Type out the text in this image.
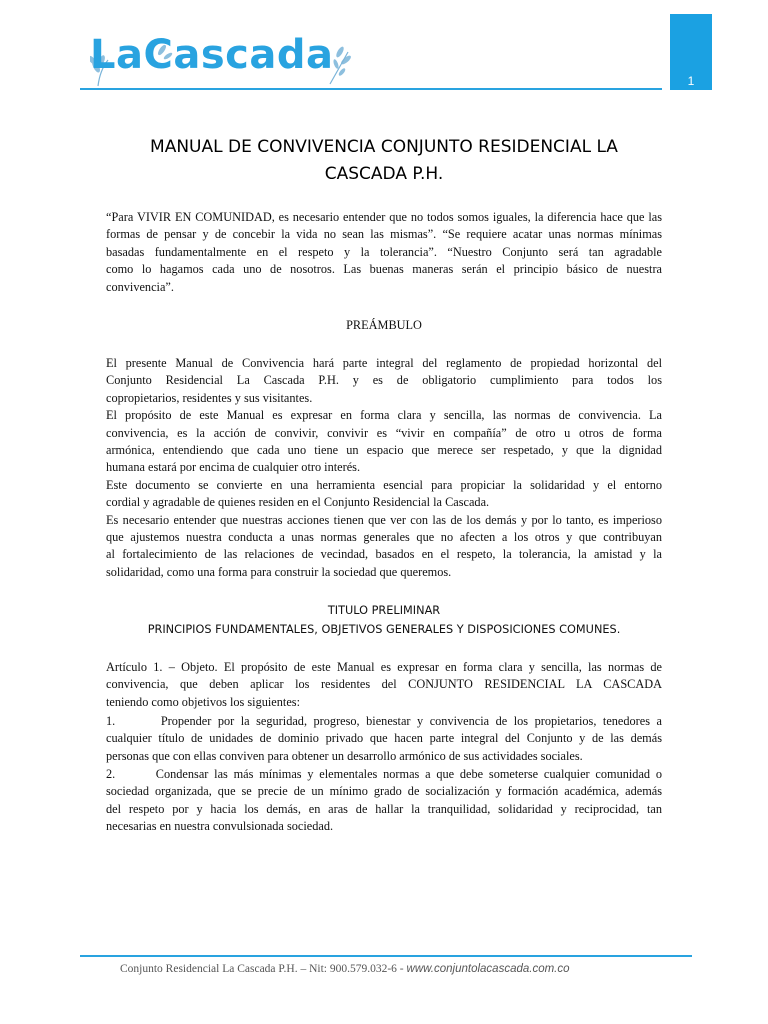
LaCascada
1
MANUAL DE CONVIVENCIA CONJUNTO RESIDENCIAL LA
CASCADA P.H.
“Para VIVIR EN COMUNIDAD, es necesario entender que no todos somos iguales, la diferencia hace que las
formas de pensar y de concebir la vida no sean las mismas”. “Se requiere acatar unas normas mínimas
basadas fundamentalmente en el respeto y la tolerancia”. “Nuestro Conjunto será tan agradable
como lo hagamos cada uno de nosotros. Las buenas maneras serán el principio básico de nuestra
convivencia”.
PREÁMBULO
El presente Manual de Convivencia hará parte integral del reglamento de propiedad horizontal del
Conjunto Residencial La Cascada P.H. y es de obligatorio cumplimiento para todos los
copropietarios, residentes y sus visitantes.
El propósito de este Manual es expresar en forma clara y sencilla, las normas de convivencia. La
convivencia, es la acción de convivir, convivir es “vivir en compañía” de otro u otros de forma
armónica, entendiendo que cada uno tiene un espacio que merece ser respetado, y que la dignidad
humana estará por encima de cualquier otro interés.
Este documento se convierte en una herramienta esencial para propiciar la solidaridad y el entorno
cordial y agradable de quienes residen en el Conjunto Residencial la Cascada.
Es necesario entender que nuestras acciones tienen que ver con las de los demás y por lo tanto, es imperioso
que ajustemos nuestra conducta a unas normas generales que no afecten a los otros y que contribuyan
al fortalecimiento de las relaciones de vecindad, basados en el respeto, la tolerancia, la amistad y la
solidaridad, como una forma para construir la sociedad que queremos.
TITULO PRELIMINAR
PRINCIPIOS FUNDAMENTALES, OBJETIVOS GENERALES Y DISPOSICIONES COMUNES.
Artículo 1. – Objeto. El propósito de este Manual es expresar en forma clara y sencilla, las normas de
convivencia, que deben aplicar los residentes del CONJUNTO RESIDENCIAL LA CASCADA
teniendo como objetivos los siguientes:
1.	Propender por la seguridad, progreso, bienestar y convivencia de los propietarios, tenedores a
cualquier título de unidades de dominio privado que hacen parte integral del Conjunto y de las demás
personas que con ellas conviven para obtener un desarrollo armónico de sus actividades sociales.
2.	Condensar las más mínimas y elementales normas a que debe someterse cualquier comunidad o
sociedad organizada, que se precie de un mínimo grado de socialización y formación académica, además
del respeto por y hacia los demás, en aras de hallar la tranquilidad, solidaridad y reciprocidad, tan
necesarias en nuestra convulsionada sociedad.
Conjunto Residencial La Cascada P.H. – Nit: 900.579.032-6 - www.conjuntolacascada.com.co
